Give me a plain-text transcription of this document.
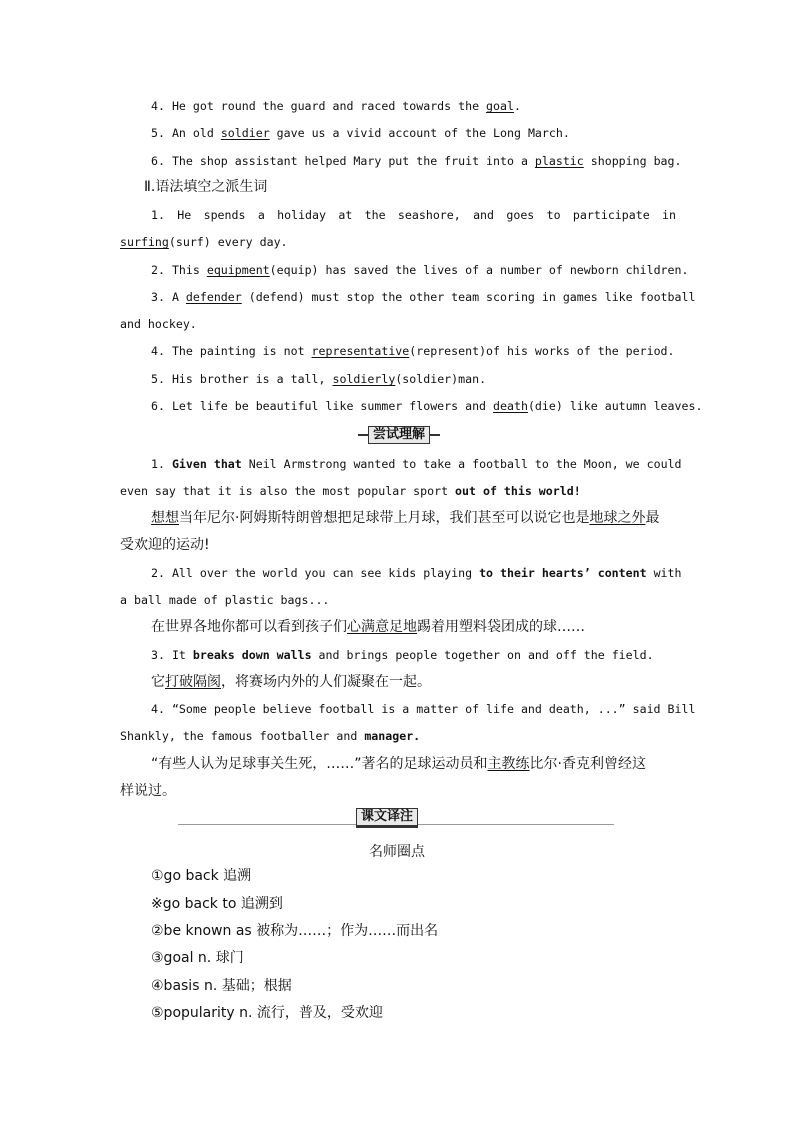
4. He got round the guard and raced towards the goal.
5. An old soldier gave us a vivid account of the Long March.
6. The shop assistant helped Mary put the fruit into a plastic shopping bag.
Ⅱ.语法填空之派生词
1. He spends a holiday at the seashore, and goes to participate in
surfing(surf) every day.
2. This equipment(equip) has saved the lives of a number of newborn children.
3. A defender (defend) must stop the other team scoring in games like football
and hockey.
4. The painting is not representative(represent)of his works of the period.
5. His brother is a tall, soldierly(soldier)man.
6. Let life be beautiful like summer flowers and death(die) like autumn leaves.
尝试理解
1. Given that Neil Armstrong wanted to take a football to the Moon, we could
even say that it is also the most popular sport out of this world!
想想当年尼尔·阿姆斯特朗曾想把足球带上月球，我们甚至可以说它也是地球之外最
受欢迎的运动!
2. All over the world you can see kids playing to their hearts’ content with
a ball made of plastic bags...
在世界各地你都可以看到孩子们心满意足地踢着用塑料袋团成的球……
3. It breaks down walls and brings people together on and off the field.
它打破隔阂，将赛场内外的人们凝聚在一起。
4. “Some people believe football is a matter of life and death, ...” said Bill
Shankly, the famous footballer and manager.
“有些人认为足球事关生死，……”著名的足球运动员和主教练比尔·香克利曾经这
样说过。
课文译注
名师圈点
①go back 追溯
※go back to 追溯到
②be known as 被称为……；作为……而出名
③goal n. 球门
④basis n. 基础；根据
⑤popularity n. 流行，普及，受欢迎
